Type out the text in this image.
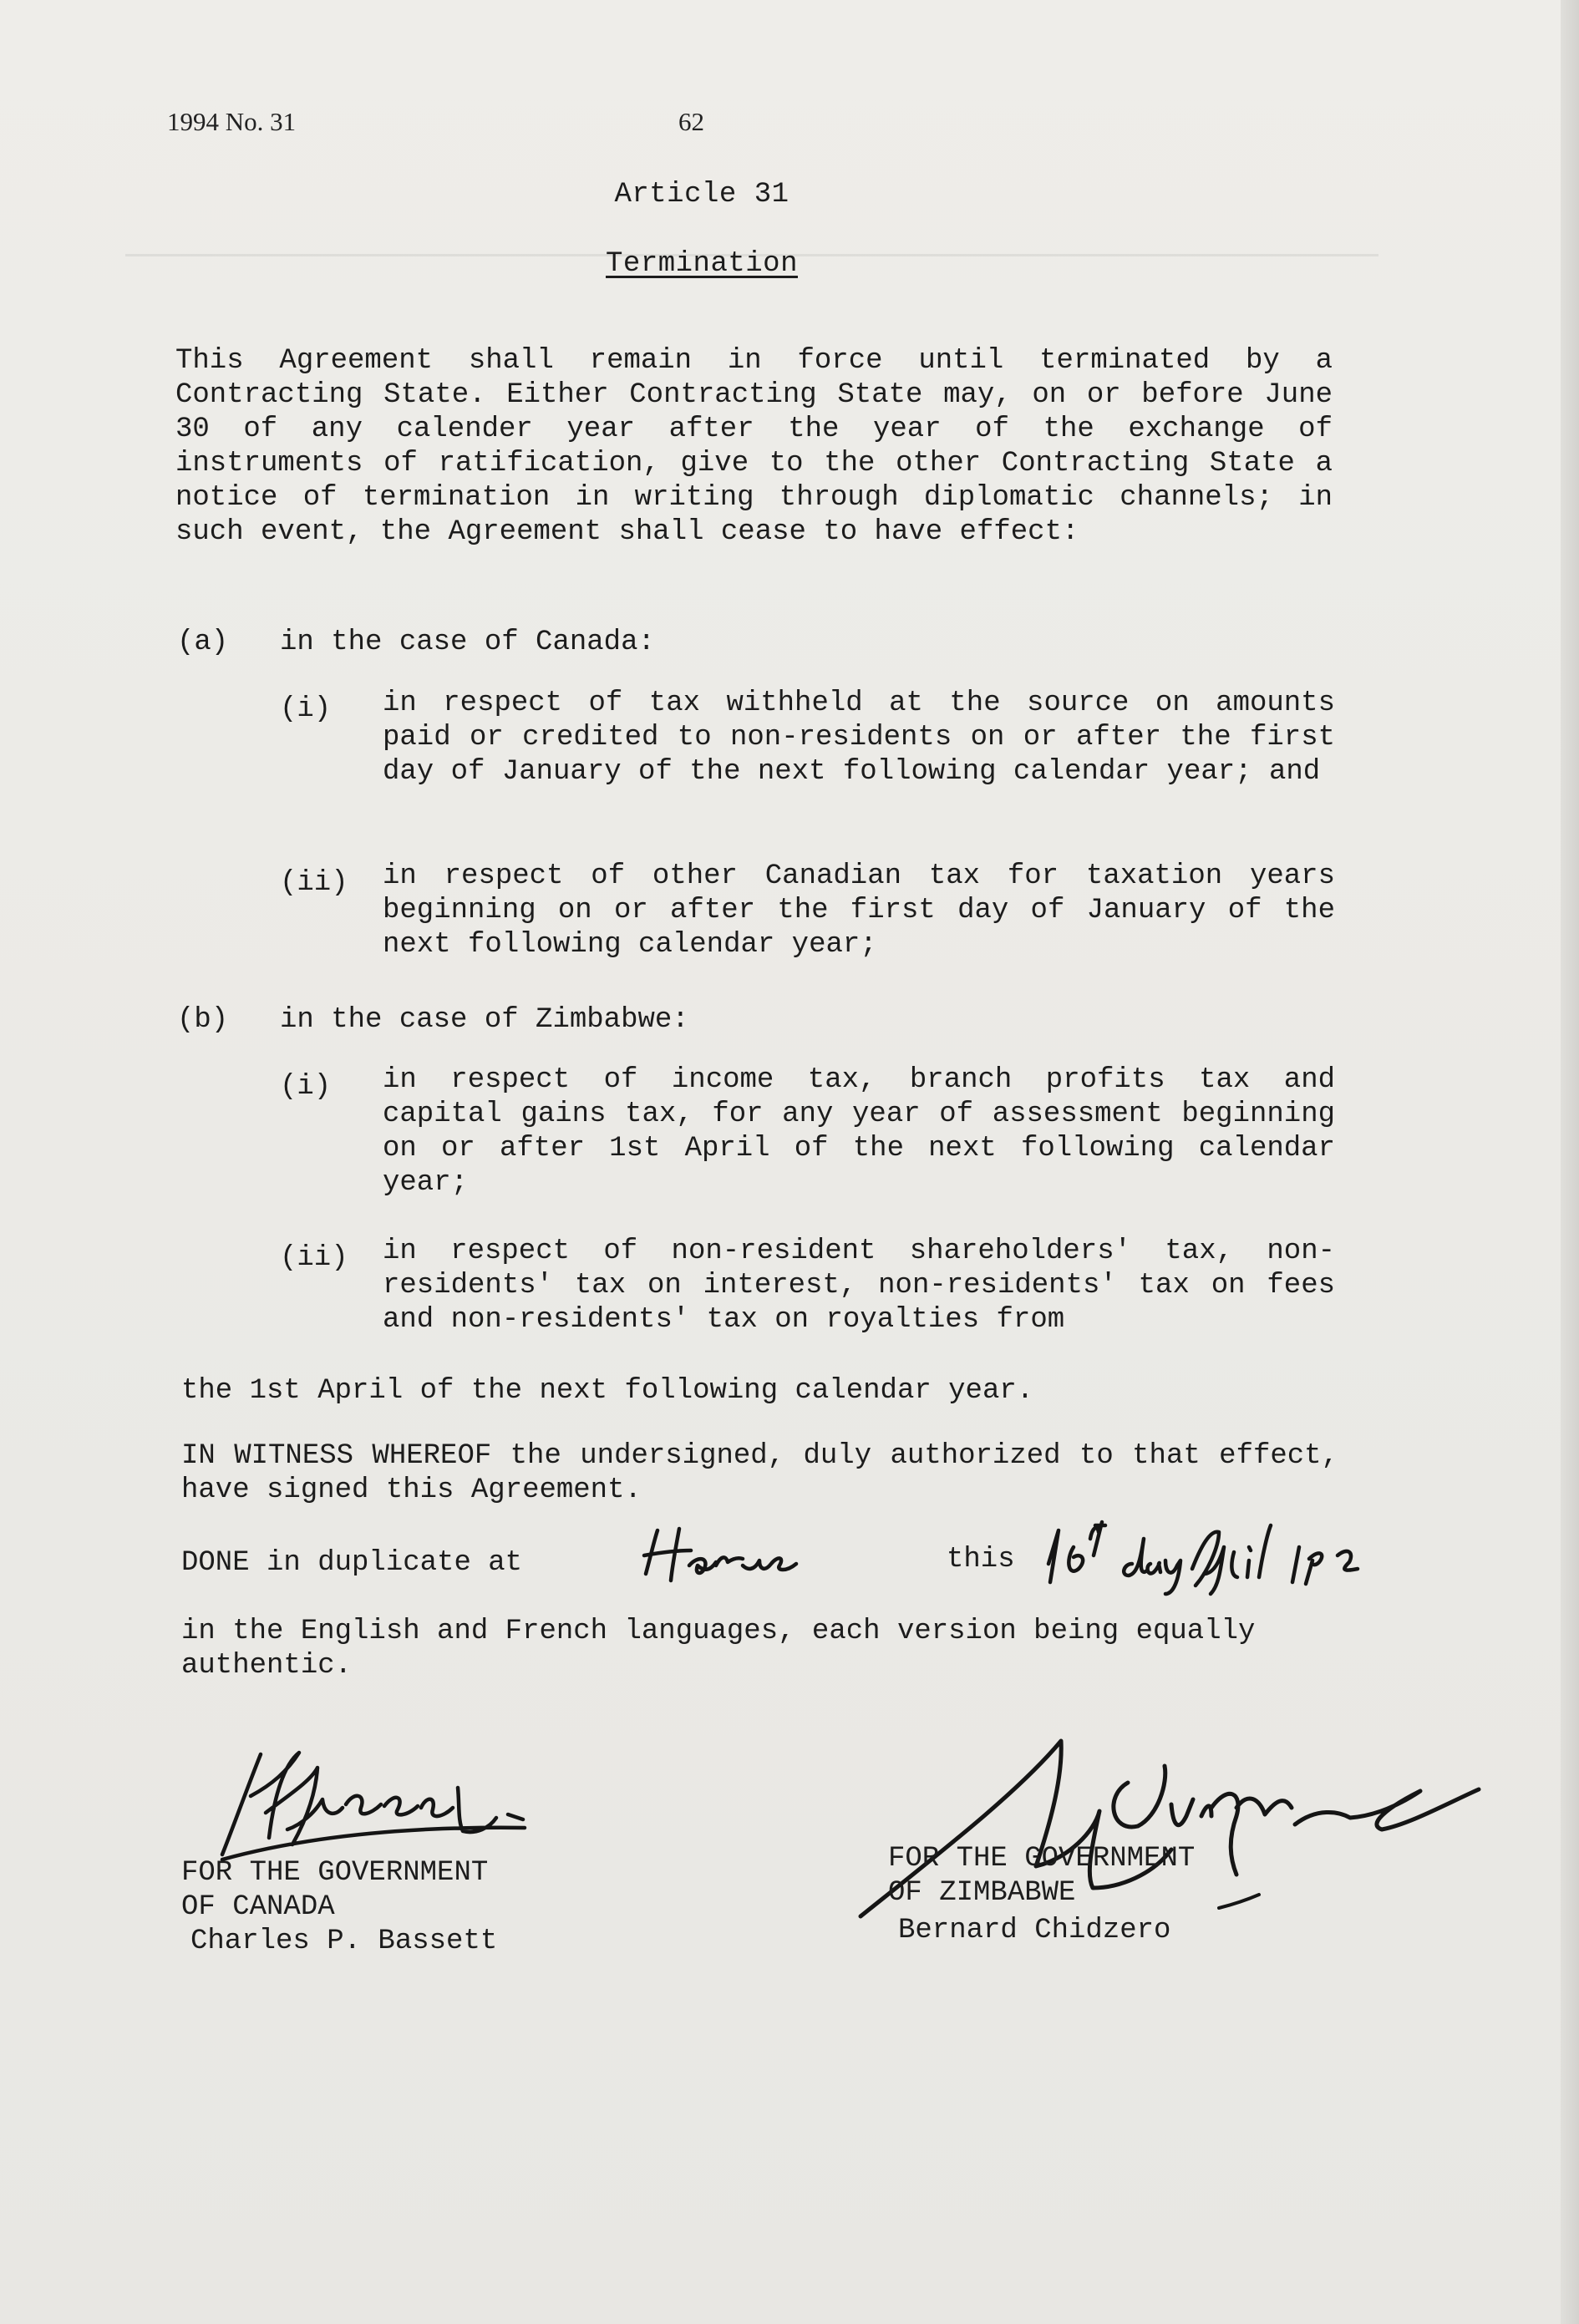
1994 No. 31	62
Article 31
Termination

This Agreement shall remain in force until terminated by a Contracting State. Either Contracting State may, on or before June 30 of any calender year after the year of the exchange of instruments of ratification, give to the other Contracting State a notice of termination in writing through diplomatic channels; in such event, the Agreement shall cease to have effect:

(a) in the case of Canada:
(i) in respect of tax withheld at the source on amounts paid or credited to non-residents on or after the first day of January of the next following calendar year; and

(ii) in respect of other Canadian tax for taxation years beginning on or after the first day of January of the next following calendar year;

(b) in the case of Zimbabwe:
(i) in respect of income tax, branch profits tax and capital gains tax, for any year of assessment beginning on or after 1st April of the next following calendar year;

(ii) in respect of non-resident shareholders' tax, non-residents' tax on interest, non-residents' tax on fees and non-residents' tax on royalties from

the 1st April of the next following calendar year.

IN WITNESS WHEREOF the undersigned, duly authorized to that effect, have signed this Agreement.

DONE in duplicate at	this

in the English and French languages, each version being equally authentic.

FOR THE GOVERNMENT
OF CANADA
Charles P. Bassett
FOR THE GOVERNMENT
OF ZIMBABWE
Bernard Chidzero
